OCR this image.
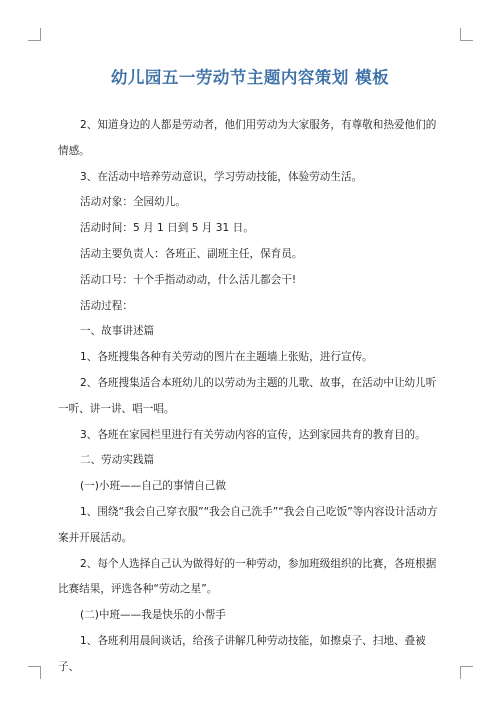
幼儿园五一劳动节主题内容策划 模板

2、知道身边的人都是劳动者，他们用劳动为大家服务，有尊敬和热爱他们的情感。

3、在活动中培养劳动意识，学习劳动技能，体验劳动生活。

活动对象：全园幼儿。

活动时间：5 月 1 日到 5 月 31 日。

活动主要负责人：各班正、副班主任，保育员。

活动口号：十个手指动动动，什么活儿都会干!

活动过程：

一、故事讲述篇

1、各班搜集各种有关劳动的图片在主题墙上张贴，进行宣传。

2、各班搜集适合本班幼儿的以劳动为主题的儿歌、故事，在活动中让幼儿听一听、讲一讲、唱一唱。

3、各班在家园栏里进行有关劳动内容的宣传，达到家园共育的教育目的。

二、劳动实践篇

(一)小班——自己的事情自己做

1、围绕“我会自己穿衣服”“我会自己洗手”“我会自己吃饭”等内容设计活动方案并开展活动。

2、每个人选择自己认为做得好的一种劳动，参加班级组织的比赛，各班根据比赛结果，评选各种“劳动之星”。

(二)中班——我是快乐的小帮手

1、各班利用晨间谈话，给孩子讲解几种劳动技能，如擦桌子、扫地、叠被子、
